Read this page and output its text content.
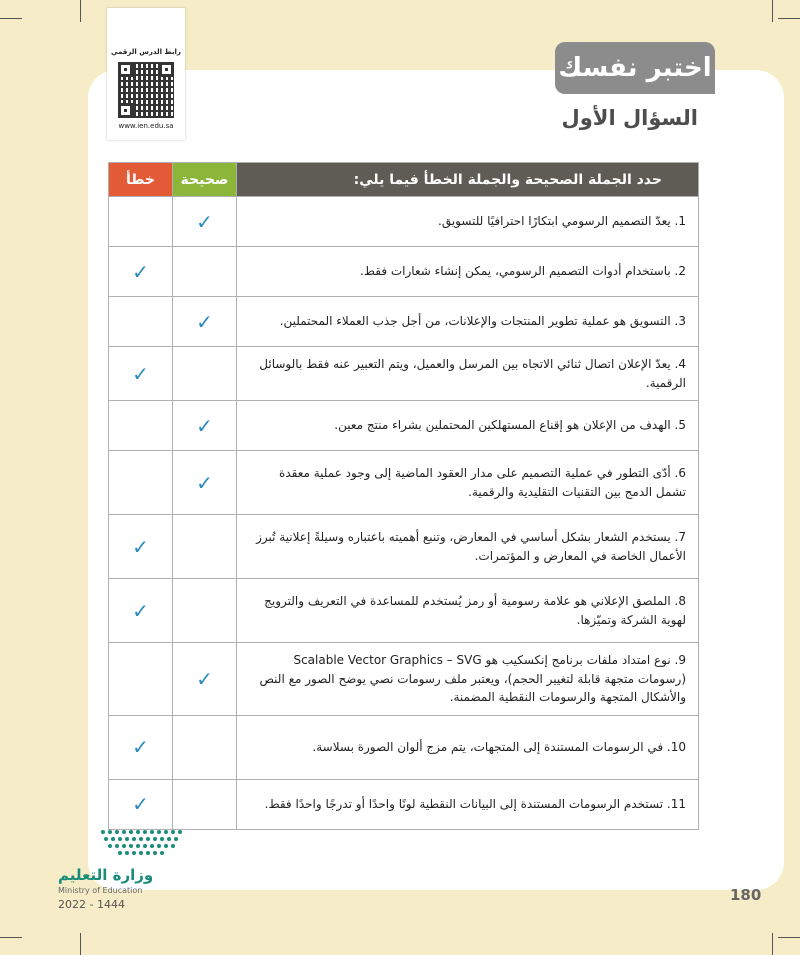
رابط الدرس الرقمي
www.ien.edu.sa
اختبر نفسك
السؤال الأول
حدد الجملة الصحيحة والجملة الخطأ فيما يلي:	صحيحة	خطأ
1. يعدّ التصميم الرسومي ابتكارًا احترافيًا للتسويق.	✓	
2. باستخدام أدوات التصميم الرسومي، يمكن إنشاء شعارات فقط.		✓
3. التسويق هو عملية تطوير المنتجات والإعلانات، من أجل جذب العملاء المحتملين.	✓	
4. يعدّ الإعلان اتصال ثنائي الاتجاه بين المرسل والعميل، ويتم التعبير عنه فقط بالوسائل الرقمية.		✓
5. الهدف من الإعلان هو إقناع المستهلكين المحتملين بشراء منتج معين.	✓	
6. أدّى التطور في عملية التصميم على مدار العقود الماضية إلى وجود عملية معقدة تشمل الدمج بين التقنيات التقليدية والرقمية.	✓	
7. يستخدم الشعار بشكل أساسي في المعارض، وتنبع أهميته باعتباره وسيلةً إعلانية تُبرز الأعمال الخاصة في المعارض و المؤتمرات.		✓
8. الملصق الإعلاني هو علامة رسومية أو رمز يُستخدم للمساعدة في التعريف والترويج لهوية الشركة وتميّزها.		✓
9. نوع امتداد ملفات برنامج إنكسكيب هو Scalable Vector Graphics – SVG (رسومات متجهة قابلة لتغيير الحجم)، ويعتبر ملف رسومات نصي يوضح الصور مع النص والأشكال المتجهة والرسومات النقطية المضمنة.	✓	
10. في الرسومات المستندة إلى المتجهات، يتم مزج ألوان الصورة بسلاسة.		✓
11. تستخدم الرسومات المستندة إلى البيانات النقطية لونًا واحدًا أو تدرجًا واحدًا فقط.		✓
وزارة التعليم
Ministry of Education
2022 - 1444
180
